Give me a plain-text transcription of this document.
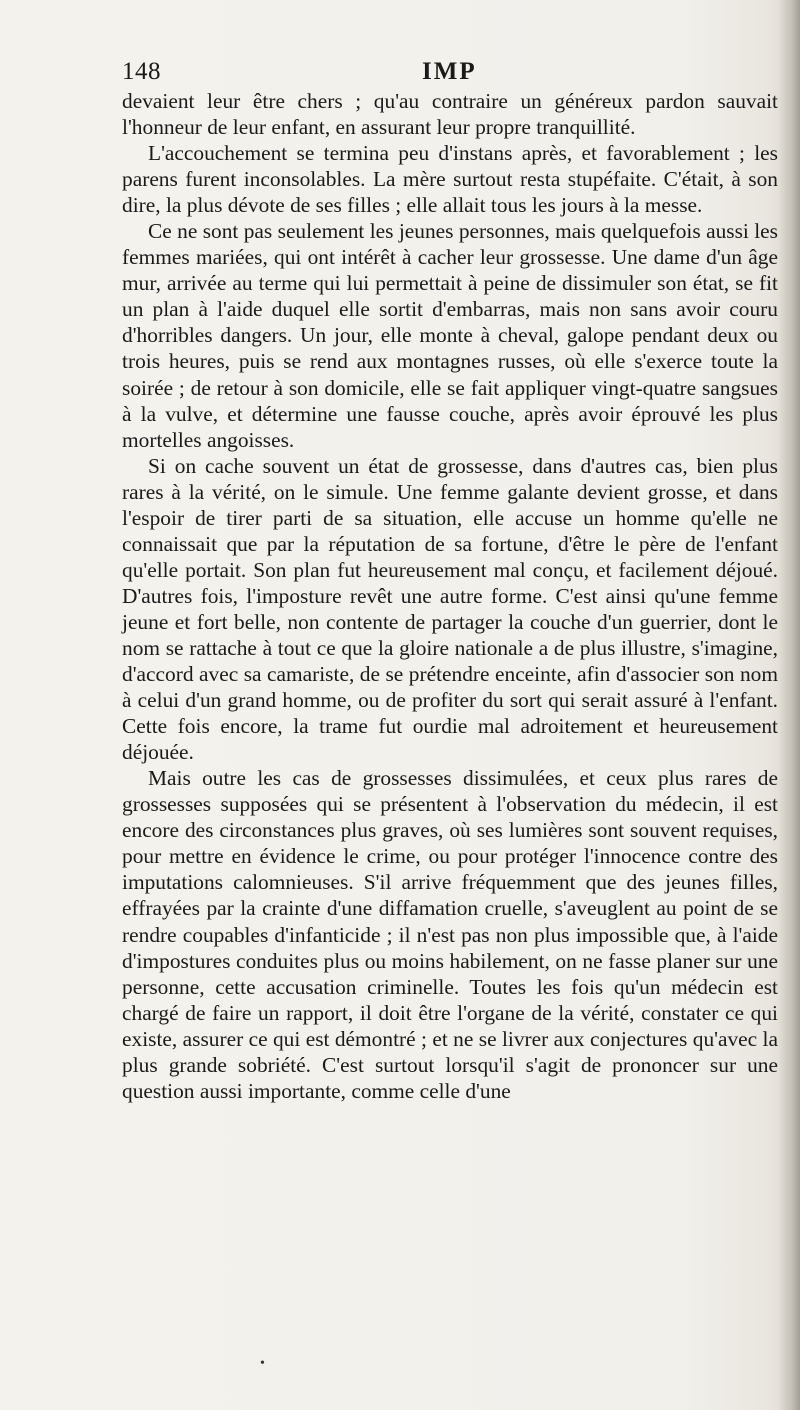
148	IMP

devaient leur être chers ; qu'au contraire un généreux pardon sauvait l'honneur de leur enfant, en assurant leur propre tranquillité.

L'accouchement se termina peu d'instans après, et favorablement ; les parens furent inconsolables. La mère surtout resta stupéfaite. C'était, à son dire, la plus dévote de ses filles ; elle allait tous les jours à la messe.

Ce ne sont pas seulement les jeunes personnes, mais quelquefois aussi les femmes mariées, qui ont intérêt à cacher leur grossesse. Une dame d'un âge mur, arrivée au terme qui lui permettait à peine de dissimuler son état, se fit un plan à l'aide duquel elle sortit d'embarras, mais non sans avoir couru d'horribles dangers. Un jour, elle monte à cheval, galope pendant deux ou trois heures, puis se rend aux montagnes russes, où elle s'exerce toute la soirée ; de retour à son domicile, elle se fait appliquer vingt-quatre sangsues à la vulve, et détermine une fausse couche, après avoir éprouvé les plus mortelles angoisses.

Si on cache souvent un état de grossesse, dans d'autres cas, bien plus rares à la vérité, on le simule. Une femme galante devient grosse, et dans l'espoir de tirer parti de sa situation, elle accuse un homme qu'elle ne connaissait que par la réputation de sa fortune, d'être le père de l'enfant qu'elle portait. Son plan fut heureusement mal conçu, et facilement déjoué. D'autres fois, l'imposture revêt une autre forme. C'est ainsi qu'une femme jeune et fort belle, non contente de partager la couche d'un guerrier, dont le nom se rattache à tout ce que la gloire nationale a de plus illustre, s'imagine, d'accord avec sa camariste, de se prétendre enceinte, afin d'associer son nom à celui d'un grand homme, ou de profiter du sort qui serait assuré à l'enfant. Cette fois encore, la trame fut ourdie mal adroitement et heureusement déjouée.

Mais outre les cas de grossesses dissimulées, et ceux plus rares de grossesses supposées qui se présentent à l'observation du médecin, il est encore des circonstances plus graves, où ses lumières sont souvent requises, pour mettre en évidence le crime, ou pour protéger l'innocence contre des imputations calomnieuses. S'il arrive fréquemment que des jeunes filles, effrayées par la crainte d'une diffamation cruelle, s'aveuglent au point de se rendre coupables d'infanticide ; il n'est pas non plus impossible que, à l'aide d'impostures conduites plus ou moins habilement, on ne fasse planer sur une personne, cette accusation criminelle. Toutes les fois qu'un médecin est chargé de faire un rapport, il doit être l'organe de la vérité, constater ce qui existe, assurer ce qui est démontré ; et ne se livrer aux conjectures qu'avec la plus grande sobriété. C'est surtout lorsqu'il s'agit de prononcer sur une question aussi importante, comme celle d'une

•
